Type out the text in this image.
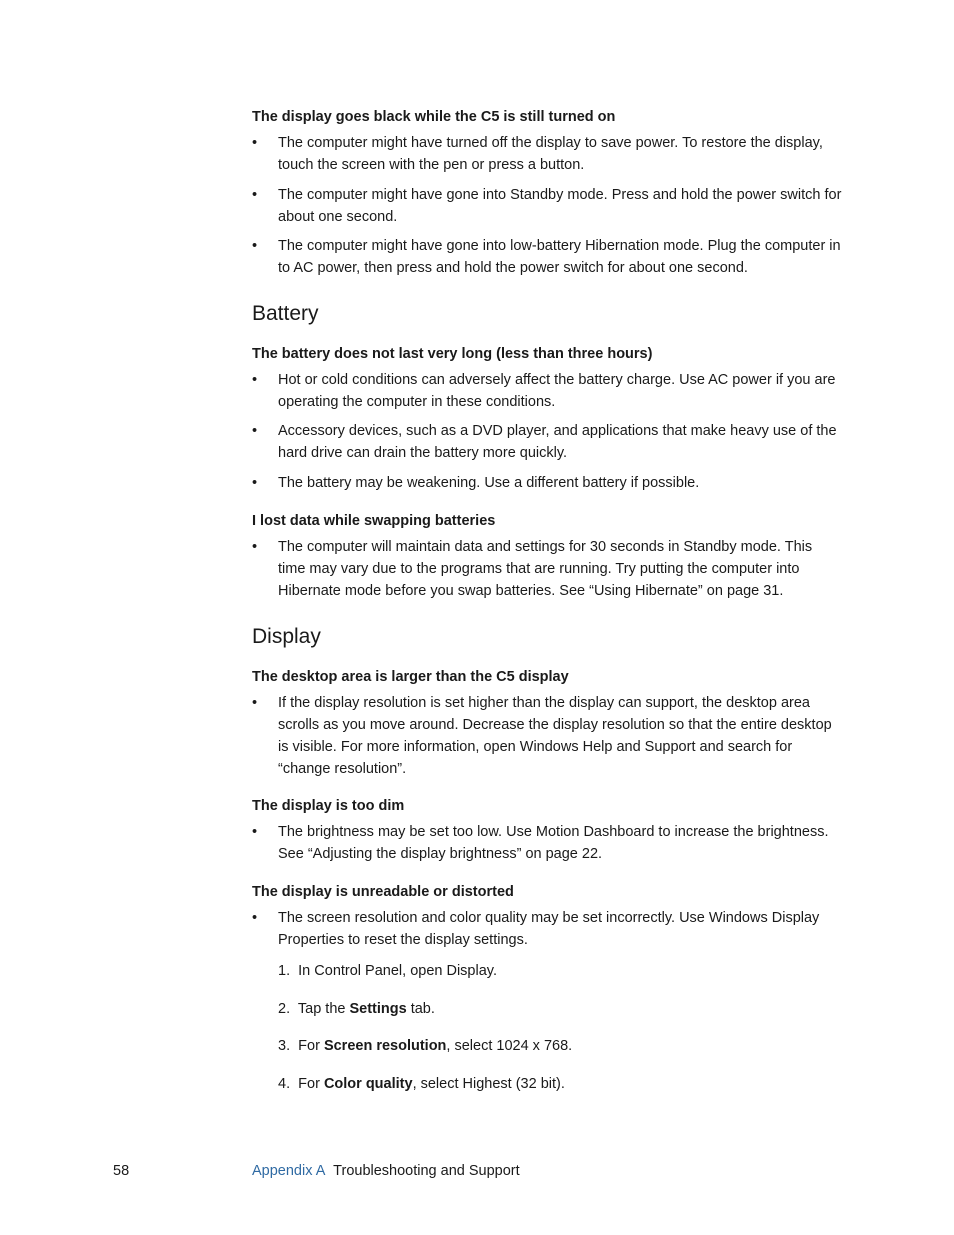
The display goes black while the C5 is still turned on

• The computer might have turned off the display to save power. To restore the display, touch the screen with the pen or press a button.
• The computer might have gone into Standby mode. Press and hold the power switch for about one second.
• The computer might have gone into low-battery Hibernation mode. Plug the computer in to AC power, then press and hold the power switch for about one second.
Battery

The battery does not last very long (less than three hours)

• Hot or cold conditions can adversely affect the battery charge. Use AC power if you are operating the computer in these conditions.
• Accessory devices, such as a DVD player, and applications that make heavy use of the hard drive can drain the battery more quickly.
• The battery may be weakening. Use a different battery if possible.

I lost data while swapping batteries

• The computer will maintain data and settings for 30 seconds in Standby mode. This time may vary due to the programs that are running. Try putting the computer into Hibernate mode before you swap batteries. See “Using Hibernate” on page 31.
Display

The desktop area is larger than the C5 display

• If the display resolution is set higher than the display can support, the desktop area scrolls as you move around. Decrease the display resolution so that the entire desktop is visible. For more information, open Windows Help and Support and search for “change resolution”.

The display is too dim

• The brightness may be set too low. Use Motion Dashboard to increase the brightness. See “Adjusting the display brightness” on page 22.

The display is unreadable or distorted

• The screen resolution and color quality may be set incorrectly. Use Windows Display Properties to reset the display settings.
1. In Control Panel, open Display.
2. Tap the Settings tab.
3. For Screen resolution, select 1024 x 768.
4. For Color quality, select Highest (32 bit).
58	Appendix A Troubleshooting and Support
